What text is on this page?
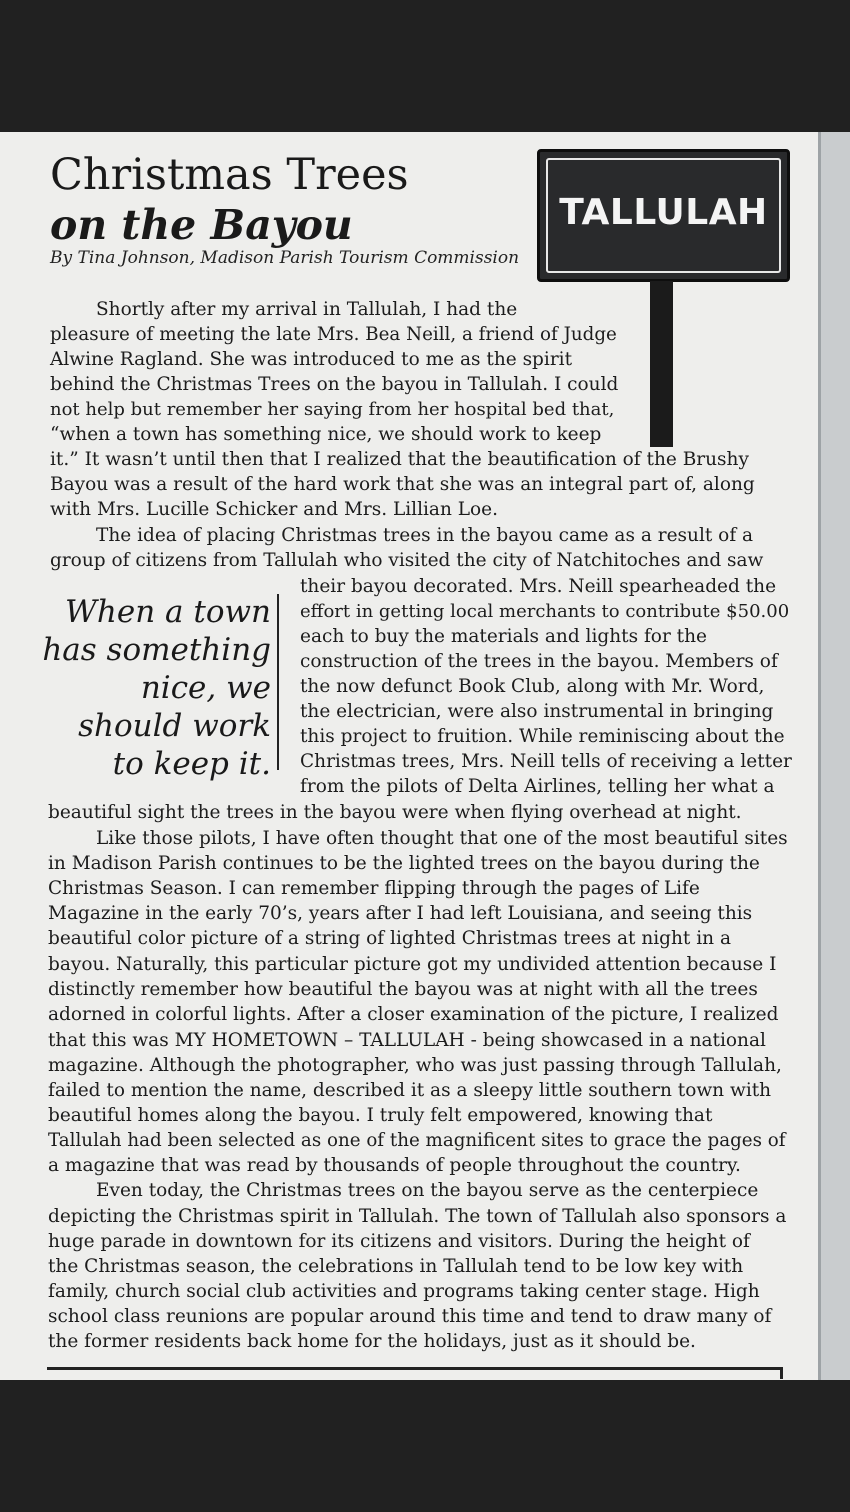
Christmas Trees
on the Bayou
By Tina Johnson, Madison Parish Tourism Commission
TALLULAH

Shortly after my arrival in Tallulah, I had the

pleasure of meeting the late Mrs. Bea Neill, a friend of Judge

Alwine Ragland. She was introduced to me as the spirit

behind the Christmas Trees on the bayou in Tallulah. I could

not help but remember her saying from her hospital bed that,

“when a town has something nice, we should work to keep

it.” It wasn’t until then that I realized that the beautification of the Brushy

Bayou was a result of the hard work that she was an integral part of, along

with Mrs. Lucille Schicker and Mrs. Lillian Loe.

The idea of placing Christmas trees in the bayou came as a result of a

group of citizens from Tallulah who visited the city of Natchitoches and saw

their bayou decorated. Mrs. Neill spearheaded the

effort in getting local merchants to contribute $50.00

each to buy the materials and lights for the

construction of the trees in the bayou. Members of

the now defunct Book Club, along with Mr. Word,

the electrician, were also instrumental in bringing

this project to fruition. While reminiscing about the

Christmas trees, Mrs. Neill tells of receiving a letter

from the pilots of Delta Airlines, telling her what a

beautiful sight the trees in the bayou were when flying overhead at night.

Like those pilots, I have often thought that one of the most beautiful sites

in Madison Parish continues to be the lighted trees on the bayou during the

Christmas Season. I can remember flipping through the pages of Life

Magazine in the early 70’s, years after I had left Louisiana, and seeing this

beautiful color picture of a string of lighted Christmas trees at night in a

bayou. Naturally, this particular picture got my undivided attention because I

distinctly remember how beautiful the bayou was at night with all the trees

adorned in colorful lights. After a closer examination of the picture, I realized

that this was MY HOMETOWN – TALLULAH - being showcased in a national

magazine. Although the photographer, who was just passing through Tallulah,

failed to mention the name, described it as a sleepy little southern town with

beautiful homes along the bayou. I truly felt empowered, knowing that

Tallulah had been selected as one of the magnificent sites to grace the pages of

a magazine that was read by thousands of people throughout the country.

Even today, the Christmas trees on the bayou serve as the centerpiece

depicting the Christmas spirit in Tallulah. The town of Tallulah also sponsors a

huge parade in downtown for its citizens and visitors. During the height of

the Christmas season, the celebrations in Tallulah tend to be low key with

family, church social club activities and programs taking center stage. High

school class reunions are popular around this time and tend to draw many of

the former residents back home for the holidays, just as it should be.

When a town
has something
nice, we
should work
to keep it.
